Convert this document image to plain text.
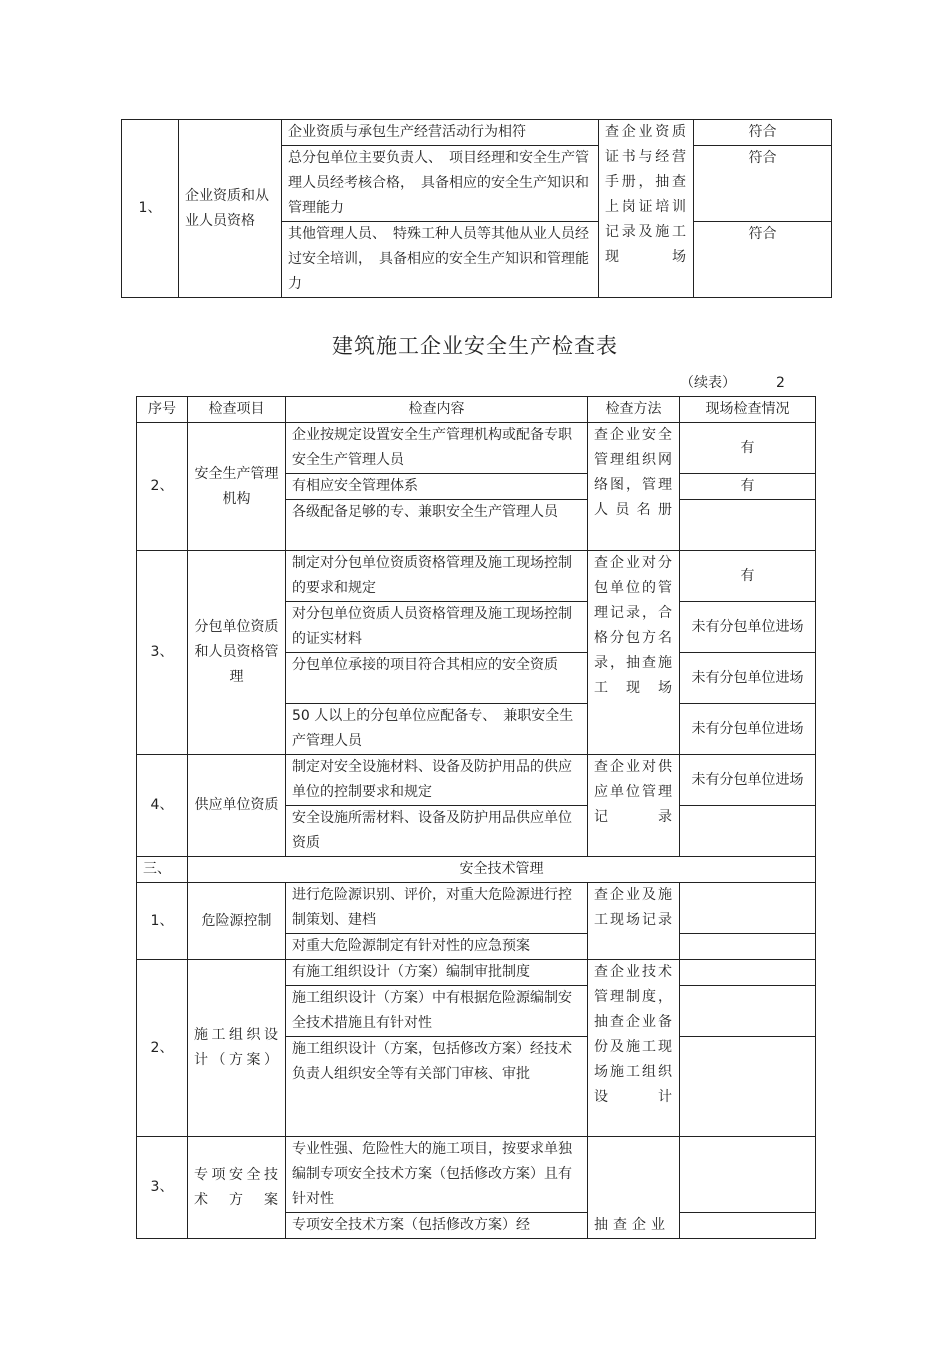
1、	企业资质和从业人员资格	企业资质与承包生产经营活动行为相符	查企业资质证书与经营手册，抽查上岗证培训记录及施工现场	符合
		总分包单位主要负责人、　项目经理和安全生产管理人员经考核合格，　具备相应的安全生产知识和管理能力		符合
		其他管理人员、　特殊工种人员等其他从业人员经过安全培训，　具备相应的安全生产知识和管理能力		符合
建筑施工企业安全生产检查表
（续表）	2
序号	检查项目	检查内容	检查方法	现场检查情况
2、	安全生产管理机构	企业按规定设置安全生产管理机构或配备专职安全生产管理人员	查企业安全管理组织网络图，管理人员名册	有
		有相应安全管理体系		有
		各级配备足够的专、兼职安全生产管理人员		
3、	分包单位资质和人员资格管理	制定对分包单位资质资格管理及施工现场控制的要求和规定	查企业对分包单位的管理记录，合格分包方名录，抽查施工现场	有
		对分包单位资质人员资格管理及施工现场控制的证实材料		未有分包单位进场
		分包单位承接的项目符合其相应的安全资质		未有分包单位进场
		50 人以上的分包单位应配备专、　兼职安全生产管理人员		未有分包单位进场
4、	供应单位资质	制定对安全设施材料、设备及防护用品的供应单位的控制要求和规定	查企业对供应单位管理记录	未有分包单位进场
		安全设施所需材料、设备及防护用品供应单位资质		
三、	安全技术管理			
1、	危险源控制	进行危险源识别、评价，对重大危险源进行控制策划、建档	查企业及施工现场记录	
		对重大危险源制定有针对性的应急预案		
2、	施工组织设计（方案）	有施工组织设计（方案）编制审批制度	查企业技术管理制度，抽查企业备份及施工现场施工组织设计	
		施工组织设计（方案）中有根据危险源编制安全技术措施且有针对性		
		施工组织设计（方案，包括修改方案）经技术负责人组织安全等有关部门审核、审批		
3、	专项安全技术方案	专业性强、危险性大的施工项目，按要求单独编制专项安全技术方案（包括修改方案）且有针对性	抽查企业	
		专项安全技术方案（包括修改方案）经		
